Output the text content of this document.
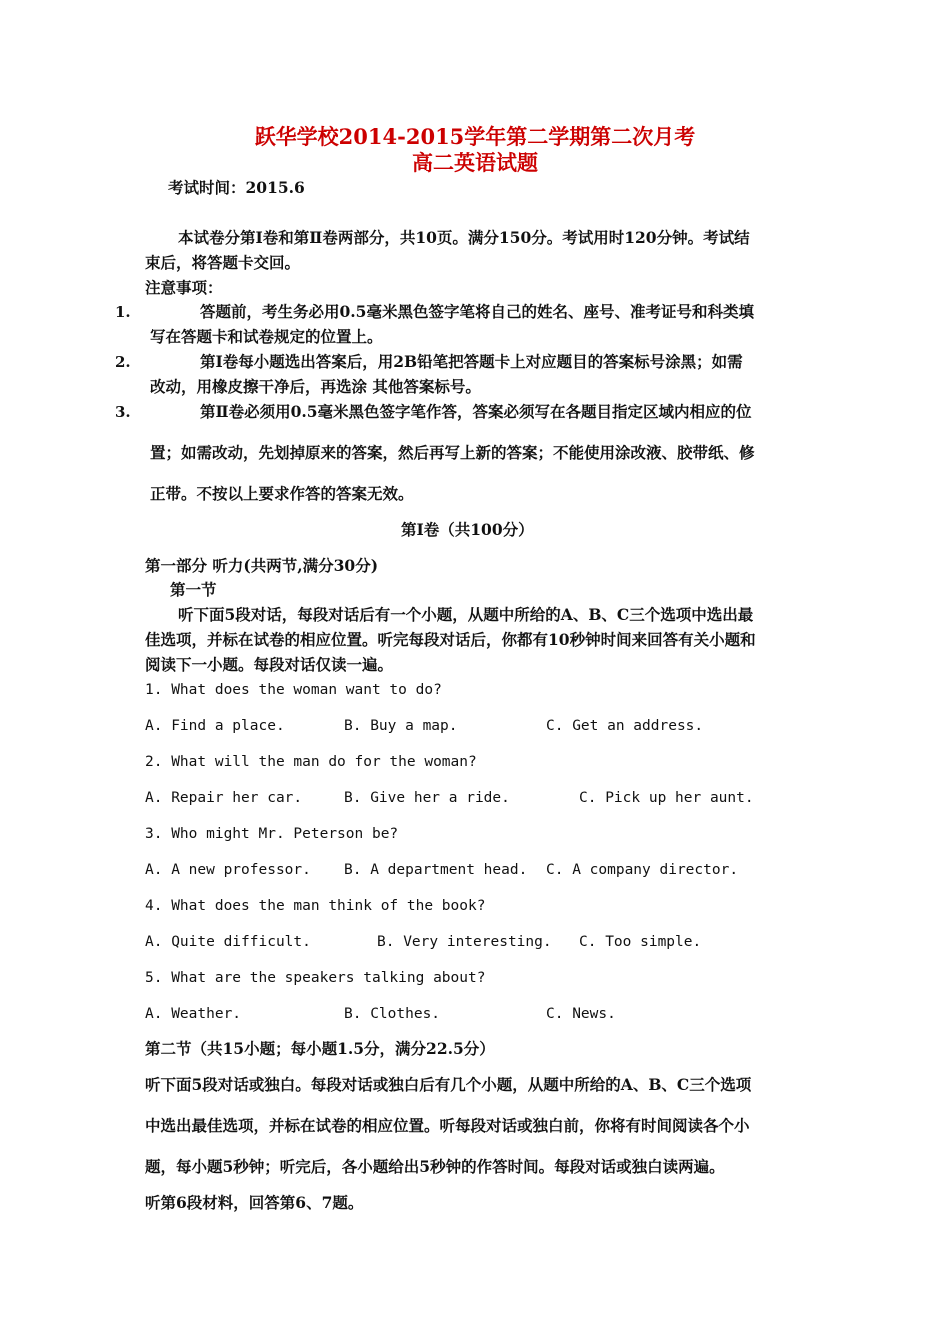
跃华学校2014-2015学年第二学期第二次月考
高二英语试题
考试时间：2015.6
本试卷分第Ⅰ卷和第Ⅱ卷两部分，共10页。满分150分。考试用时120分钟。考试结
束后，将答题卡交回。
注意事项：
1.	答题前，考生务必用0.5毫米黑色签字笔将自己的姓名、座号、准考证号和科类填
写在答题卡和试卷规定的位置上。
2.	第Ⅰ卷每小题选出答案后，用2B铅笔把答题卡上对应题目的答案标号涂黑；如需
改动，用橡皮擦干净后，再选涂 其他答案标号。
3.	第Ⅱ卷必须用0.5毫米黑色签字笔作答，答案必须写在各题目指定区域内相应的位
置；如需改动，先划掉原来的答案，然后再写上新的答案；不能使用涂改液、胶带纸、修
正带。不按以上要求作答的答案无效。
第Ⅰ卷（共100分）
第一部分 听力(共两节,满分30分)
第一节
听下面5段对话，每段对话后有一个小题，从题中所给的A、B、C三个选项中选出最
佳选项，并标在试卷的相应位置。听完每段对话后，你都有10秒钟时间来回答有关小题和
阅读下一小题。每段对话仅读一遍。
1. What does the woman want to do?
A. Find a place.	B. Buy a map.	C. Get an address.
2. What will the man do for the woman?
A. Repair her car.	B. Give her a ride.	C. Pick up her aunt.
3. Who might Mr. Peterson be?
A. A new professor. B. A department head. C. A company director.
4. What does the man think of the book?
A. Quite difficult.	B. Very interesting. C. Too simple.
5. What are the speakers talking about?
A. Weather.	B. Clothes.	C. News.
第二节（共15小题；每小题1.5分，满分22.5分）
听下面5段对话或独白。每段对话或独白后有几个小题，从题中所给的A、B、C三个选项
中选出最佳选项，并标在试卷的相应位置。听每段对话或独白前，你将有时间阅读各个小
题，每小题5秒钟；听完后，各小题给出5秒钟的作答时间。每段对话或独白读两遍。
听第6段材料，回答第6、7题。
